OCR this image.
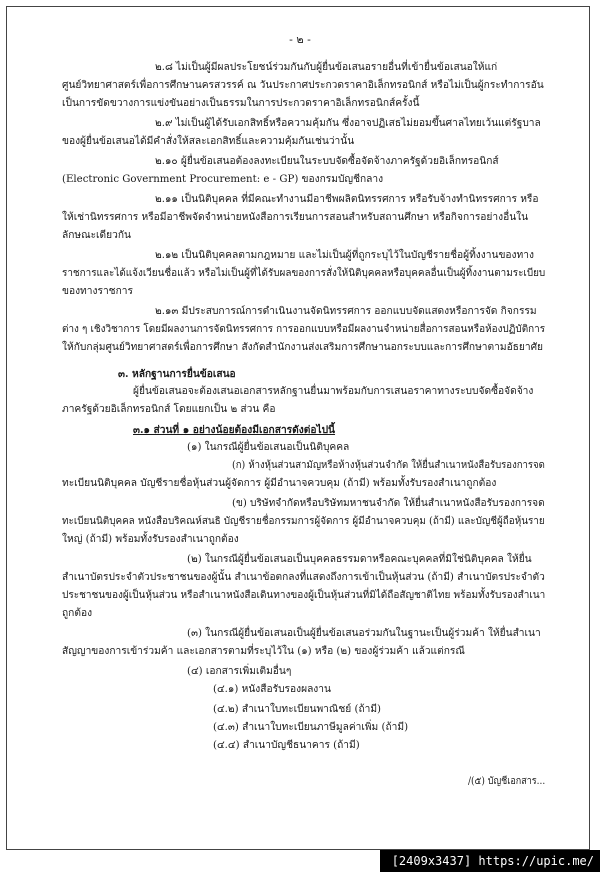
- ๒ -
๒.๘ ไม่เป็นผู้มีผลประโยชน์ร่วมกันกับผู้ยื่นข้อเสนอรายอื่นที่เข้ายื่นข้อเสนอให้แก่
ศูนย์วิทยาศาสตร์เพื่อการศึกษานครสวรรค์ ณ วันประกาศประกวดราคาอิเล็กทรอนิกส์ หรือไม่เป็นผู้กระทำการอัน
เป็นการขัดขวางการแข่งขันอย่างเป็นธรรมในการประกวดราคาอิเล็กทรอนิกส์ครั้งนี้
๒.๙ ไม่เป็นผู้ได้รับเอกสิทธิ์หรือความคุ้มกัน ซึ่งอาจปฏิเสธไม่ยอมขึ้นศาลไทยเว้นแต่รัฐบาล
ของผู้ยื่นข้อเสนอได้มีคำสั่งให้สละเอกสิทธิ์และความคุ้มกันเช่นว่านั้น
๒.๑๐ ผู้ยื่นข้อเสนอต้องลงทะเบียนในระบบจัดซื้อจัดจ้างภาครัฐด้วยอิเล็กทรอนิกส์
(Electronic Government Procurement: e - GP) ของกรมบัญชีกลาง
๒.๑๑ เป็นนิติบุคคล ที่มีคณะทำงานมีอาชีพผลิตนิทรรศการ หรือรับจ้างทำนิทรรศการ หรือ
ให้เช่านิทรรศการ หรือมีอาชีพจัดจำหน่ายหนังสือการเรียนการสอนสำหรับสถานศึกษา หรือกิจการอย่างอื่นใน
ลักษณะเดียวกัน
๒.๑๒ เป็นนิติบุคคลตามกฎหมาย และไม่เป็นผู้ที่ถูกระบุไว้ในบัญชีรายชื่อผู้ทิ้งงานของทาง
ราชการและได้แจ้งเวียนชื่อแล้ว หรือไม่เป็นผู้ที่ได้รับผลของการสั่งให้นิติบุคคลหรือบุคคลอื่นเป็นผู้ทิ้งงานตามระเบียบ
ของทางราชการ
๒.๑๓ มีประสบการณ์การดำเนินงานจัดนิทรรศการ ออกแบบจัดแสดงหรือการจัด กิจกรรม
ต่าง ๆ เชิงวิชาการ โดยมีผลงานการจัดนิทรรศการ การออกแบบหรือมีผลงานจำหน่ายสื่อการสอนหรือห้องปฏิบัติการ
ให้กับกลุ่มศูนย์วิทยาศาสตร์เพื่อการศึกษา สังกัดสำนักงานส่งเสริมการศึกษานอกระบบและการศึกษาตามอัธยาศัย
๓. หลักฐานการยื่นข้อเสนอ
ผู้ยื่นข้อเสนอจะต้องเสนอเอกสารหลักฐานยื่นมาพร้อมกับการเสนอราคาทางระบบจัดซื้อจัดจ้าง
ภาครัฐด้วยอิเล็กทรอนิกส์ โดยแยกเป็น ๒ ส่วน คือ
๓.๑ ส่วนที่ ๑ อย่างน้อยต้องมีเอกสารดังต่อไปนี้
(๑) ในกรณีผู้ยื่นข้อเสนอเป็นนิติบุคคล
(ก) ห้างหุ้นส่วนสามัญหรือห้างหุ้นส่วนจำกัด ให้ยื่นสำเนาหนังสือรับรองการจด
ทะเบียนนิติบุคคล บัญชีรายชื่อหุ้นส่วนผู้จัดการ ผู้มีอำนาจควบคุม (ถ้ามี) พร้อมทั้งรับรองสำเนาถูกต้อง
(ข) บริษัทจำกัดหรือบริษัทมหาชนจำกัด ให้ยื่นสำเนาหนังสือรับรองการจด
ทะเบียนนิติบุคคล หนังสือบริคณห์สนธิ บัญชีรายชื่อกรรมการผู้จัดการ ผู้มีอำนาจควบคุม (ถ้ามี) และบัญชีผู้ถือหุ้นราย
ใหญ่ (ถ้ามี) พร้อมทั้งรับรองสำเนาถูกต้อง
(๒) ในกรณีผู้ยื่นข้อเสนอเป็นบุคคลธรรมดาหรือคณะบุคคลที่มิใช่นิติบุคคล ให้ยื่น
สำเนาบัตรประจำตัวประชาชนของผู้นั้น สำเนาข้อตกลงที่แสดงถึงการเข้าเป็นหุ้นส่วน (ถ้ามี) สำเนาบัตรประจำตัว
ประชาชนของผู้เป็นหุ้นส่วน หรือสำเนาหนังสือเดินทางของผู้เป็นหุ้นส่วนที่มิได้ถือสัญชาติไทย พร้อมทั้งรับรองสำเนา
ถูกต้อง
(๓) ในกรณีผู้ยื่นข้อเสนอเป็นผู้ยื่นข้อเสนอร่วมกันในฐานะเป็นผู้ร่วมค้า ให้ยื่นสำเนา
สัญญาของการเข้าร่วมค้า และเอกสารตามที่ระบุไว้ใน (๑) หรือ (๒) ของผู้ร่วมค้า แล้วแต่กรณี
(๔) เอกสารเพิ่มเติมอื่นๆ
(๔.๑) หนังสือรับรองผลงาน
(๔.๒) สำเนาใบทะเบียนพาณิชย์ (ถ้ามี)
(๔.๓) สำเนาใบทะเบียนภาษีมูลค่าเพิ่ม (ถ้ามี)
(๔.๔) สำเนาบัญชีธนาคาร (ถ้ามี)
/(๕) บัญชีเอกสาร...
[2409x3437] https://upic.me/
